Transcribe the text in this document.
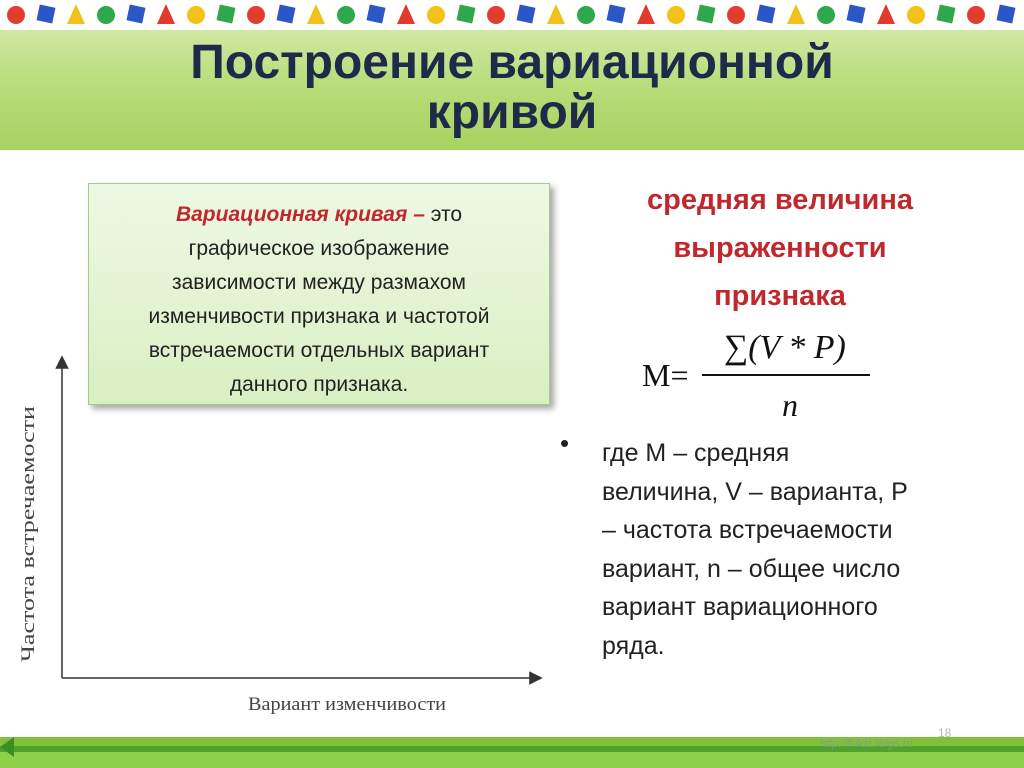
Построение вариационной
кривой
Вариационная кривая – это
графическое изображение
зависимости между размахом
изменчивости признака и частотой
встречаемости отдельных вариант
данного признака.
Частота встречаемости
Вариант изменчивости
средняя величина
выраженности
признака
M=
∑(V * P)
n
• где M – средняя
величина, V – варианта, P
– частота встречаемости
вариант, n – общее число
вариант вариационного
ряда.
18
http://fr4dz.ru/gs.ru
